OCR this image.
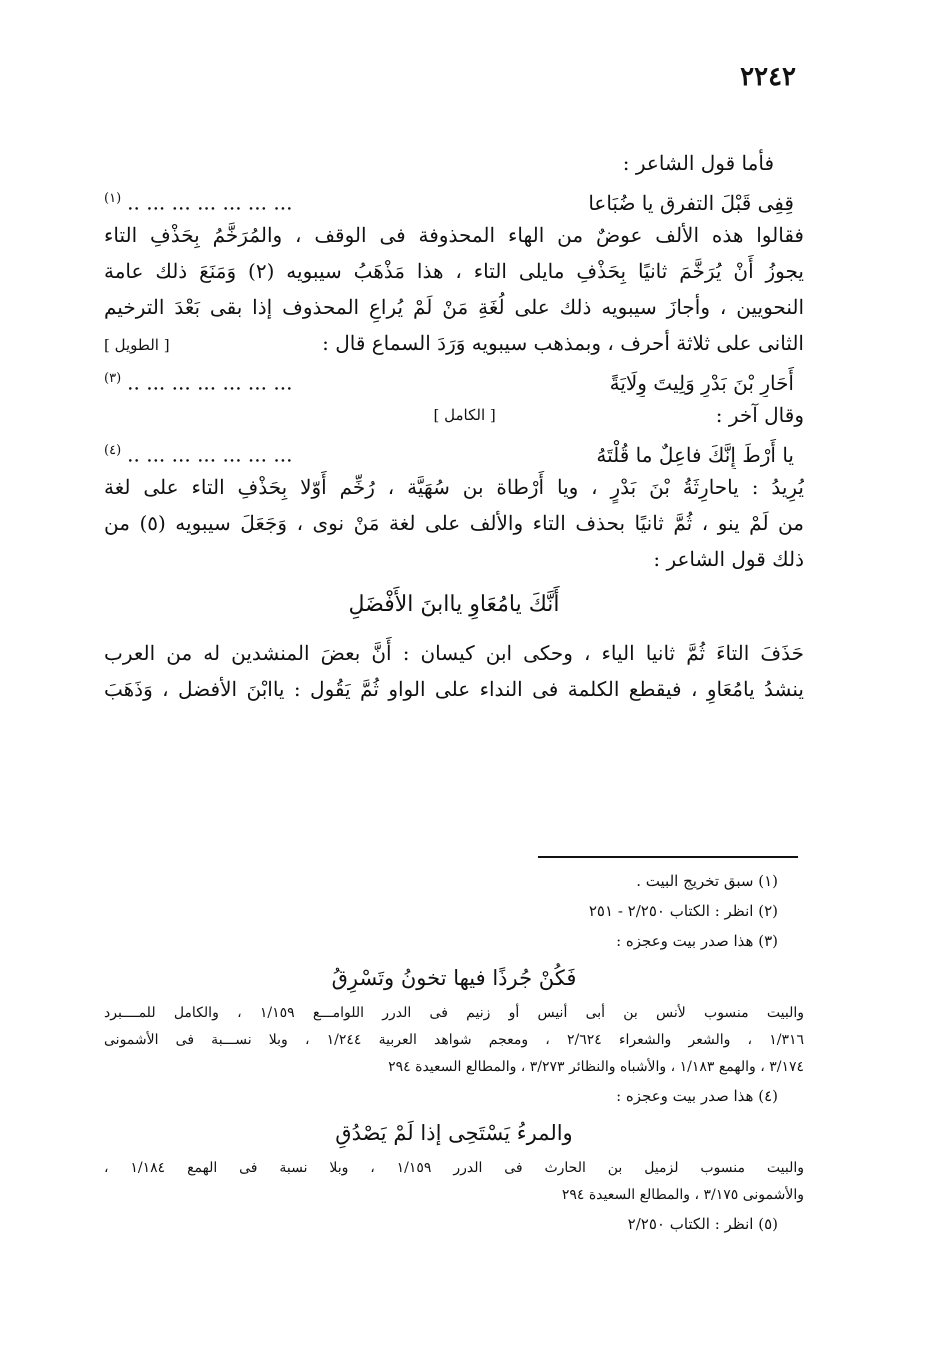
٢٢٤٢
فأما قول الشاعر :
قِفِى قَبْلَ التفرق يا ضُبَاعا
... ... ... ... ... ... ..$^{(١)}$
فقالوا هذه الألف عوضٌ من الهاء المحذوفة فى الوقف ، والمُرَخَّمُ بِحَذْفِ التاء
يجوزُ أَنْ يُرَخَّمَ ثانيًا بِحَذْفِ مايلى التاء ، هذا مَذْهَبُ سيبويه (٢) وَمَنَعَ ذلك عامة
النحويين ، وأجازَ سيبويه ذلك على لُغَةِ مَنْ لَمْ يُراعِ المحذوف إذا بقى بَعْدَ الترخيم
الثانى على ثلاثة أحرف ، وبمذهب سيبويه وَرَدَ السماع قال :
[ الطويل ]
أَحَارِ بْنَ بَدْرٍ وَلِيتَ وِلَايَةً
... ... ... ... ... ... ..$^{(٣)}$
وقال آخر :
[ الكامل ]
يا أَرْطَ إِنَّكَ فاعِلٌ ما قُلْتَهُ
... ... ... ... ... ... ..$^{(٤)}$
يُرِيدُ : ياحارِثَةُ بْنَ بَدْرٍ ، ويا أَرْطاة بن سُهَيَّة ، رُخِّم أَوّلا بِحَذْفِ التاء على لغة
من لَمْ ينو ، ثُمَّ ثانيًا بحذف التاء والألف على لغة مَنْ نوى ، وَجَعَلَ سيبويه (٥) من
ذلك قول الشاعر :
أَنَّكَ يامُعَاوِ ياابنَ الأَفْضَلِ
حَذَفَ التاءَ ثُمَّ ثانيا الياء ، وحكى ابن كيسان : أَنَّ بعضَ المنشدين له من العرب
ينشدُ يامُعَاوِ ، فيقطع الكلمة فى النداء على الواو ثُمَّ يَقُول : ياابْنَ الأفضل ، وَذَهَبَ
(١) سبق تخريج البيت .
(٢) انظر : الكتاب ٢/٢٥٠ - ٢٥١
(٣) هذا صدر بيت وعجزه :
فَكُنْ جُرذًا فيها تخونُ وتَسْرِقُ
والبيت منسوب لأنس بن أبى أنيس أو زنيم فى الدرر اللوامـــع ١/١٥٩ ، والكامل للمــــبرد
١/٣١٦ ، والشعر والشعراء ٢/٦٢٤ ، ومعجم شواهد العربية ١/٢٤٤ ، وبلا نســـبة فى الأشمونى
٣/١٧٤ ، والهمع ١/١٨٣ ، والأشباه والنظائر ٣/٢٧٣ ، والمطالع السعيدة ٢٩٤
(٤) هذا صدر بيت وعجزه :
والمرءُ يَسْتَحِى إذا لَمْ يَصْدُقِ
والبيت منسوب لزميل بن الحارث فى الدرر ١/١٥٩ ، وبلا نسبة فى الهمع ١/١٨٤ ،
والأشمونى ٣/١٧٥ ، والمطالع السعيدة ٢٩٤
(٥) انظر : الكتاب ٢/٢٥٠
